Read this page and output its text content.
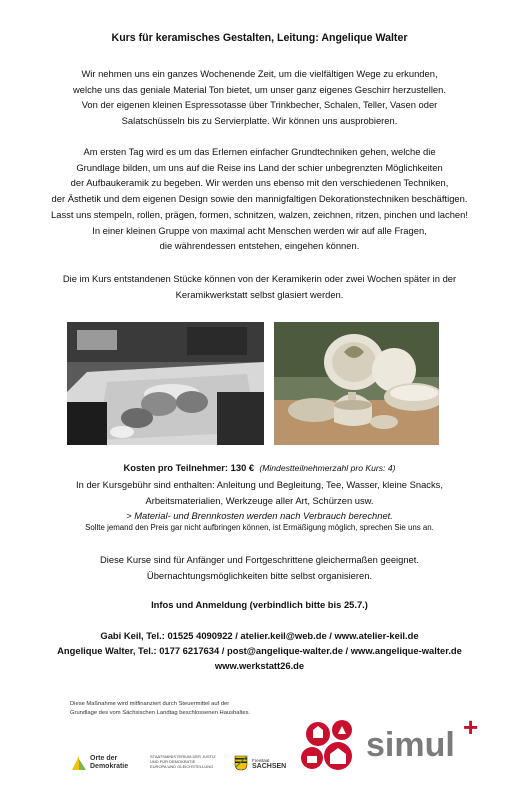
Kurs für keramisches Gestalten, Leitung: Angelique Walter
Wir nehmen uns ein ganzes Wochenende Zeit, um die vielfältigen Wege zu erkunden,
welche uns das geniale Material Ton bietet, um unser ganz eigenes Geschirr herzustellen.
Von der eigenen kleinen Espressotasse über Trinkbecher, Schalen, Teller, Vasen oder
Salatschüsseln bis zu Servierplatte. Wir können uns ausprobieren.
Am ersten Tag wird es um das Erlernen einfacher Grundtechniken gehen, welche die
Grundlage bilden, um uns auf die Reise ins Land der schier unbegrenzten Möglichkeiten
der Aufbaukeramik zu begeben. Wir werden uns ebenso mit den verschiedenen Techniken,
der Ästhetik und dem eigenen Design sowie den mannigfaltigen Dekorationstechniken beschäftigen.
Lasst uns stempeln, rollen, prägen, formen, schnitzen, walzen, zeichnen, ritzen, pinchen und lachen!
In einer kleinen Gruppe von maximal acht Menschen werden wir auf alle Fragen,
die währendessen entstehen, eingehen können.
Die im Kurs entstandenen Stücke können von der Keramikerin oder zwei Wochen später in der
Keramikwerkstatt selbst glasiert werden.
Kosten pro Teilnehmer: 130 € (Mindestteilnehmerzahl pro Kurs: 4)
In der Kursgebühr sind enthalten: Anleitung und Begleitung, Tee, Wasser, kleine Snacks,
Arbeitsmaterialien, Werkzeuge aller Art, Schürzen usw.
> Material- und Brennkosten werden nach Verbrauch berechnet.
Sollte jemand den Preis gar nicht aufbringen können, ist Ermäßigung möglich, sprechen Sie uns an.
Diese Kurse sind für Anfänger und Fortgeschrittene gleichermaßen geeignet.
Übernachtungsmöglichkeiten bitte selbst organisieren.
Infos und Anmeldung (verbindlich bitte bis 25.7.)
Gabi Keil, Tel.: 01525 4090922 / atelier.keil@web.de / www.atelier-keil.de
Angelique Walter, Tel.: 0177 6217634 / post@angelique-walter.de / www.angelique-walter.de
www.werkstatt26.de
Diese Maßnahme wird mitfinanziert durch Steuermittel auf der
Grundlage des vom Sächsischen Landtag beschlossenen Haushaltes.
Orte der
Demokratie
STAATSMINISTERIUM DER JUSTIZ
UND FÜR DEMOKRATIE
EUROPA UND GLEICHSTELLUNG
Freistaat
SACHSEN
simul +
